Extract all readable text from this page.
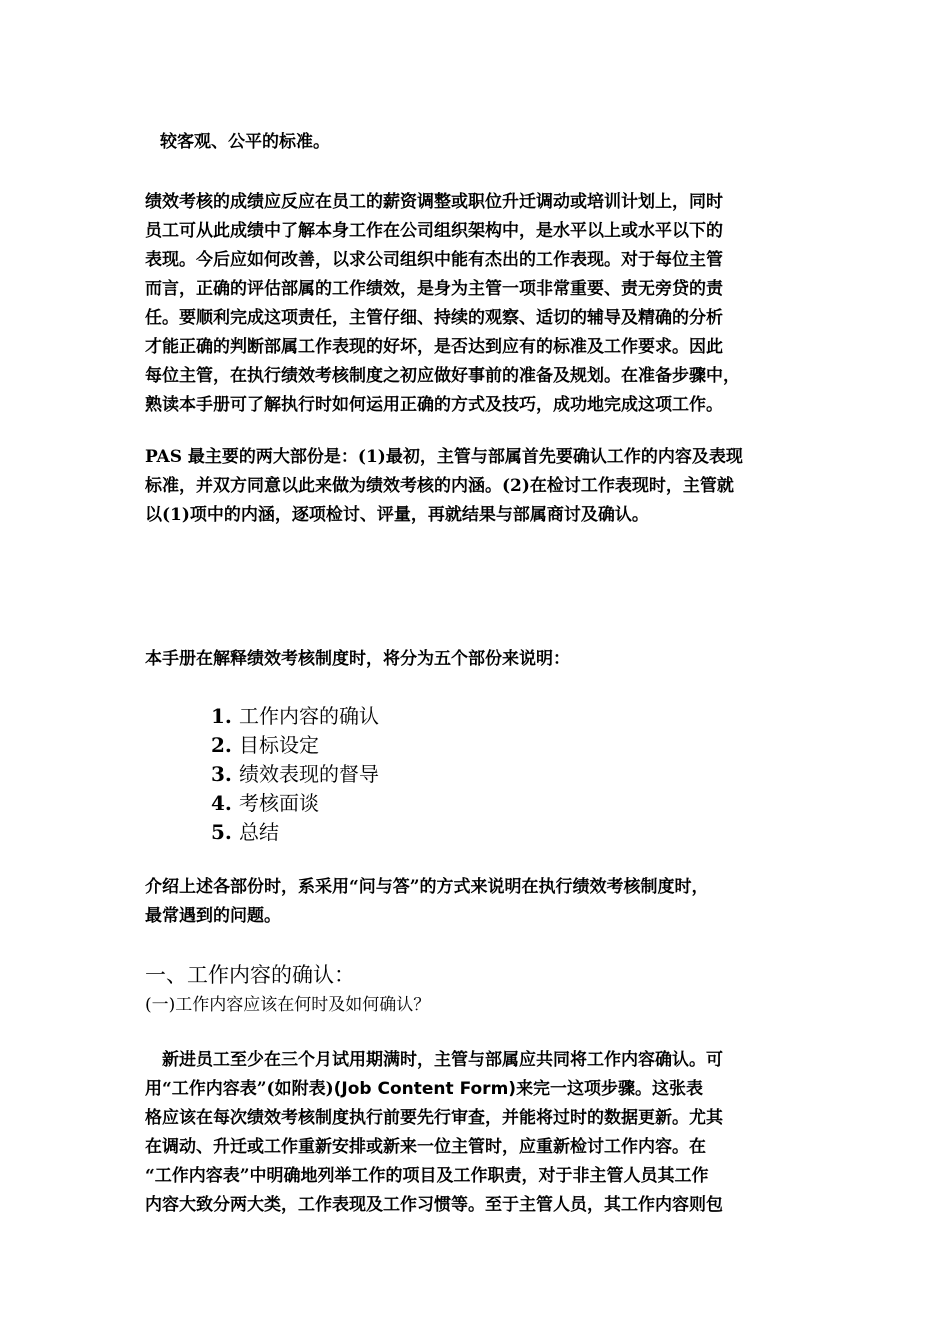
较客观、公平的标准。

绩效考核的成绩应反应在员工的薪资调整或职位升迁调动或培训计划上，同时
员工可从此成绩中了解本身工作在公司组织架构中，是水平以上或水平以下的
表现。今后应如何改善，以求公司组织中能有杰出的工作表现。对于每位主管
而言，正确的评估部属的工作绩效，是身为主管一项非常重要、责无旁贷的责
任。要顺利完成这项责任，主管仔细、持续的观察、适切的辅导及精确的分析
才能正确的判断部属工作表现的好坏，是否达到应有的标准及工作要求。因此
每位主管，在执行绩效考核制度之初应做好事前的准备及规划。在准备步骤中，
熟读本手册可了解执行时如何运用正确的方式及技巧，成功地完成这项工作。

PAS 最主要的两大部份是：(1)最初，主管与部属首先要确认工作的内容及表现
标准，并双方同意以此来做为绩效考核的内涵。(2)在检讨工作表现时，主管就
以(1)项中的内涵，逐项检讨、评量，再就结果与部属商讨及确认。

本手册在解释绩效考核制度时，将分为五个部份来说明：

1. 工作内容的确认
2. 目标设定
3. 绩效表现的督导
4. 考核面谈
5. 总结

介绍上述各部份时，系采用“问与答”的方式来说明在执行绩效考核制度时，
最常遇到的问题。

一、工作内容的确认：
(一)工作内容应该在何时及如何确认？

新进员工至少在三个月试用期满时，主管与部属应共同将工作内容确认。可
用“工作内容表”(如附表)(Job Content Form)来完一这项步骤。这张表
格应该在每次绩效考核制度执行前要先行审查，并能将过时的数据更新。尤其
在调动、升迁或工作重新安排或新来一位主管时，应重新检讨工作内容。在
“工作内容表”中明确地列举工作的项目及工作职责，对于非主管人员其工作
内容大致分两大类，工作表现及工作习惯等。至于主管人员，其工作内容则包
